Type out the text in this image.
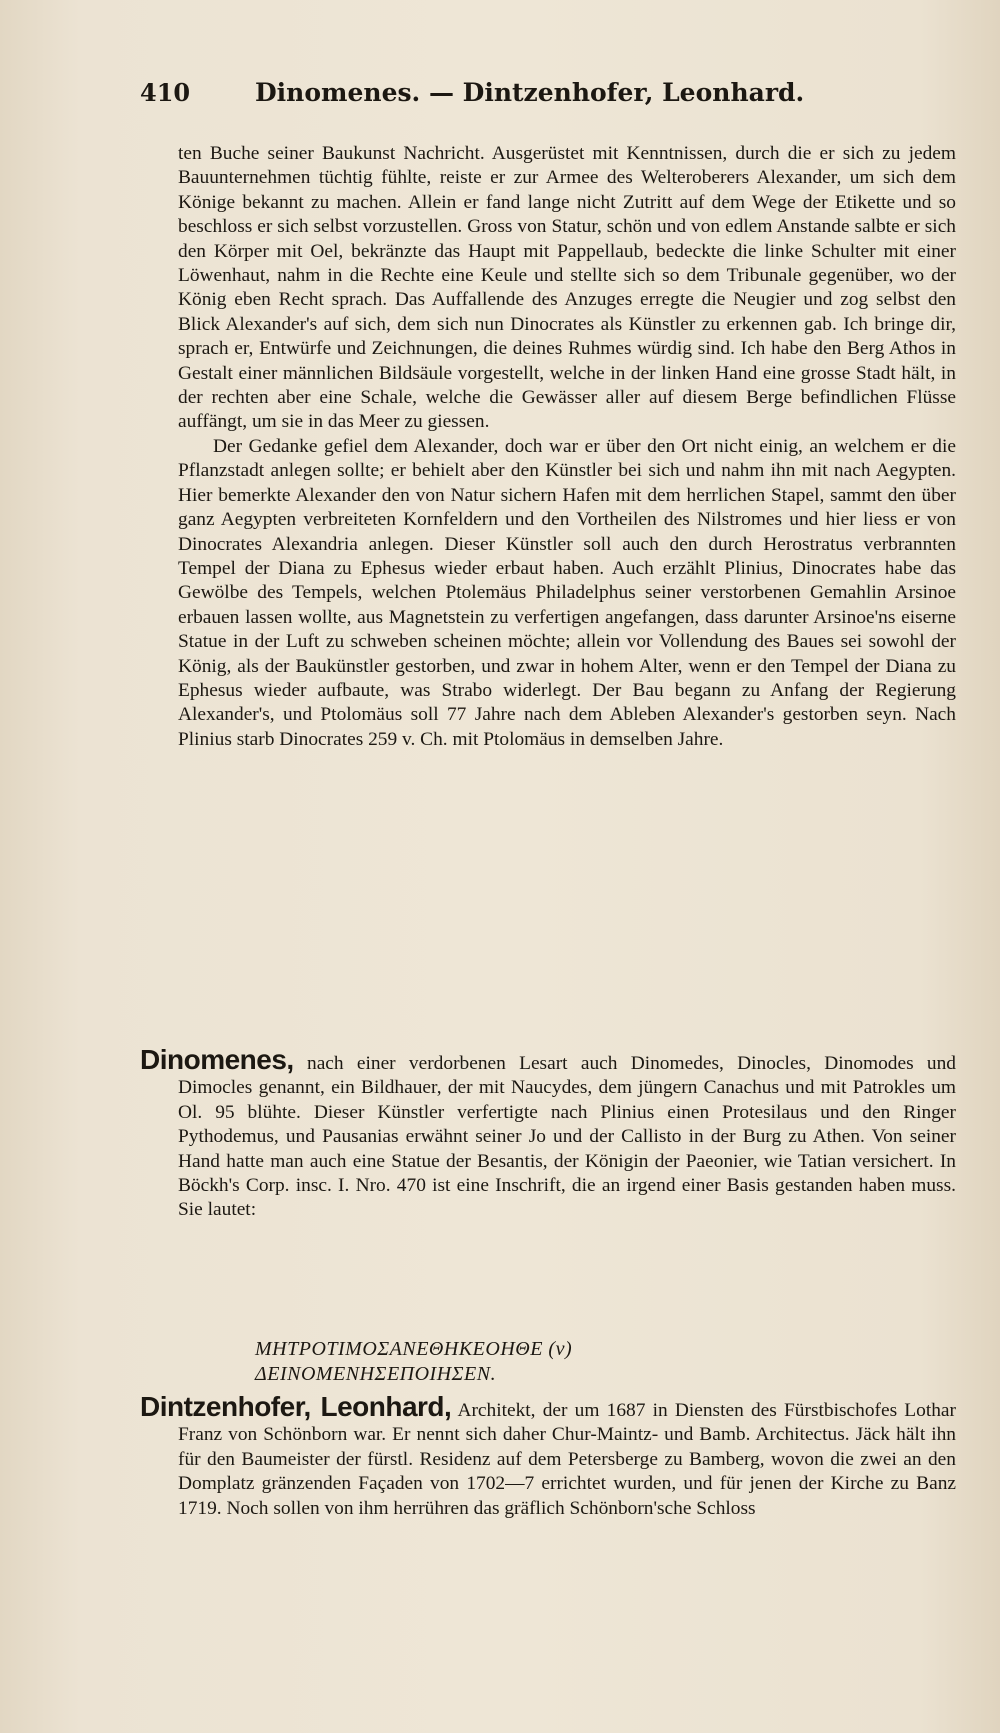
410	Dinomenes. — Dintzenhofer, Leonhard.

ten Buche seiner Baukunst Nachricht. Ausgerüstet mit Kenntnissen, durch die er sich zu jedem Bauunternehmen tüchtig fühlte, reiste er zur Armee des Welteroberers Alexander, um sich dem Könige bekannt zu machen. Allein er fand lange nicht Zutritt auf dem Wege der Etikette und so beschloss er sich selbst vorzustellen. Gross von Statur, schön und von edlem Anstande salbte er sich den Körper mit Oel, bekränzte das Haupt mit Pappellaub, bedeckte die linke Schulter mit einer Löwenhaut, nahm in die Rechte eine Keule und stellte sich so dem Tribunale gegenüber, wo der König eben Recht sprach. Das Auffallende des Anzuges erregte die Neugier und zog selbst den Blick Alexander's auf sich, dem sich nun Dinocrates als Künstler zu erkennen gab. Ich bringe dir, sprach er, Entwürfe und Zeichnungen, die deines Ruhmes würdig sind. Ich habe den Berg Athos in Gestalt einer männlichen Bildsäule vorgestellt, welche in der linken Hand eine grosse Stadt hält, in der rechten aber eine Schale, welche die Gewässer aller auf diesem Berge befindlichen Flüsse auffängt, um sie in das Meer zu giessen.

Der Gedanke gefiel dem Alexander, doch war er über den Ort nicht einig, an welchem er die Pflanzstadt anlegen sollte; er behielt aber den Künstler bei sich und nahm ihn mit nach Aegypten. Hier bemerkte Alexander den von Natur sichern Hafen mit dem herrlichen Stapel, sammt den über ganz Aegypten verbreiteten Kornfeldern und den Vortheilen des Nilstromes und hier liess er von Dinocrates Alexandria anlegen. Dieser Künstler soll auch den durch Herostratus verbrannten Tempel der Diana zu Ephesus wieder erbaut haben. Auch erzählt Plinius, Dinocrates habe das Gewölbe des Tempels, welchen Ptolemäus Philadelphus seiner verstorbenen Gemahlin Arsinoe erbauen lassen wollte, aus Magnetstein zu verfertigen angefangen, dass darunter Arsinoe'ns eiserne Statue in der Luft zu schweben scheinen möchte; allein vor Vollendung des Baues sei sowohl der König, als der Baukünstler gestorben, und zwar in hohem Alter, wenn er den Tempel der Diana zu Ephesus wieder aufbaute, was Strabo widerlegt. Der Bau begann zu Anfang der Regierung Alexander's, und Ptolomäus soll 77 Jahre nach dem Ableben Alexander's gestorben seyn. Nach Plinius starb Dinocrates 259 v. Ch. mit Ptolomäus in demselben Jahre.

Dinomenes, nach einer verdorbenen Lesart auch Dinomedes, Dinocles, Dinomodes und Dimocles genannt, ein Bildhauer, der mit Naucydes, dem jüngern Canachus und mit Patrokles um Ol. 95 blühte. Dieser Künstler verfertigte nach Plinius einen Protesilaus und den Ringer Pythodemus, und Pausanias erwähnt seiner Jo und der Callisto in der Burg zu Athen. Von seiner Hand hatte man auch eine Statue der Besantis, der Königin der Paeonier, wie Tatian versichert. In Böckh's Corp. insc. I. Nro. 470 ist eine Inschrift, die an irgend einer Basis gestanden haben muss. Sie lautet:

ΜΗΤΡΟΤΙΜΟΣΑΝΕΘΗΚΕΟΗΘΕ (ν)
ΔΕΙΝΟΜΕΝΗΣΕΠΟΙΗΣΕΝ.

Dintzenhofer, Leonhard, Architekt, der um 1687 in Diensten des Fürstbischofes Lothar Franz von Schönborn war. Er nennt sich daher Chur-Maintz- und Bamb. Architectus. Jäck hält ihn für den Baumeister der fürstl. Residenz auf dem Petersberge zu Bamberg, wovon die zwei an den Domplatz gränzenden Façaden von 1702—7 errichtet wurden, und für jenen der Kirche zu Banz 1719. Noch sollen von ihm herrühren das gräflich Schönborn'sche Schloss
